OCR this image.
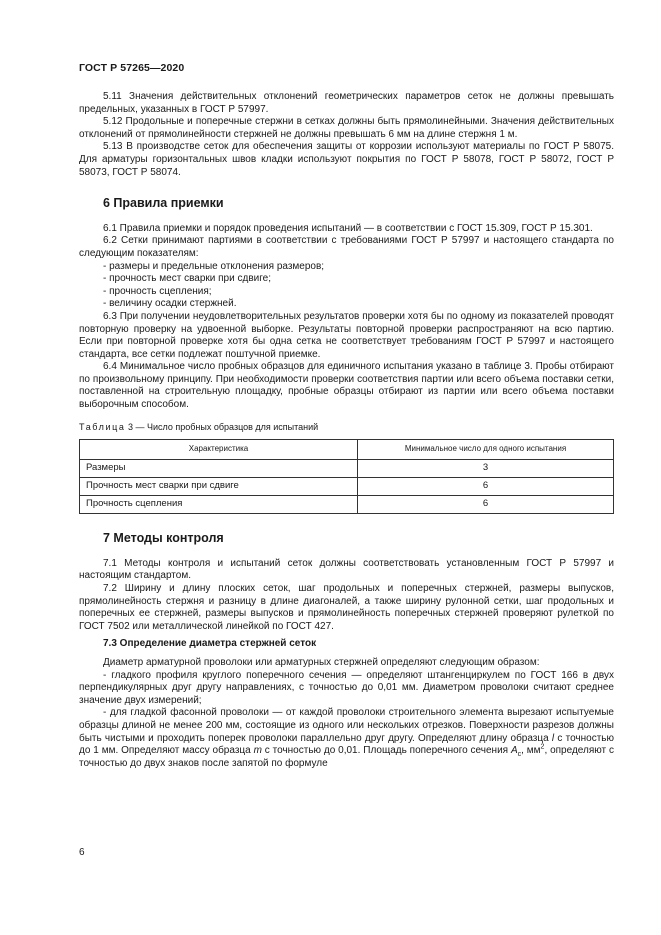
ГОСТ Р 57265—2020

5.11 Значения действительных отклонений геометрических параметров сеток не должны превышать предельных, указанных в ГОСТ Р 57997.

5.12 Продольные и поперечные стержни в сетках должны быть прямолинейными. Значения действительных отклонений от прямолинейности стержней не должны превышать 6 мм на длине стержня 1 м.

5.13 В производстве сеток для обеспечения защиты от коррозии используют материалы по ГОСТ Р 58075. Для арматуры горизонтальных швов кладки используют покрытия по ГОСТ Р 58078, ГОСТ Р 58072, ГОСТ Р 58073, ГОСТ Р 58074.

6 Правила приемки

6.1 Правила приемки и порядок проведения испытаний — в соответствии с ГОСТ 15.309, ГОСТ Р 15.301.

6.2 Сетки принимают партиями в соответствии с требованиями ГОСТ Р 57997 и настоящего стандарта по следующим показателям:

- размеры и предельные отклонения размеров;
- прочность мест сварки при сдвиге;
- прочность сцепления;
- величину осадки стержней.

6.3 При получении неудовлетворительных результатов проверки хотя бы по одному из показателей проводят повторную проверку на удвоенной выборке. Результаты повторной проверки распространяют на всю партию. Если при повторной проверке хотя бы одна сетка не соответствует требованиям ГОСТ Р 57997 и настоящего стандарта, все сетки подлежат поштучной приемке.

6.4 Минимальное число пробных образцов для единичного испытания указано в таблице 3. Пробы отбирают по произвольному принципу. При необходимости проверки соответствия партии или всего объема поставки сетки, поставленной на строительную площадку, пробные образцы отбирают из партии или всего объема поставки выборочным способом.

Таблица 3 — Число пробных образцов для испытаний
Характеристика	Минимальное число для одного испытания
Размеры	3
Прочность мест сварки при сдвиге	6
Прочность сцепления	6
7 Методы контроля

7.1 Методы контроля и испытаний сеток должны соответствовать установленным ГОСТ Р 57997 и настоящим стандартом.

7.2 Ширину и длину плоских сеток, шаг продольных и поперечных стержней, размеры выпусков, прямолинейность стержня и разницу в длине диагоналей, а также ширину рулонной сетки, шаг продольных и поперечных ее стержней, размеры выпусков и прямолинейность поперечных стержней проверяют рулеткой по ГОСТ 7502 или металлической линейкой по ГОСТ 427.

7.3 Определение диаметра стержней сеток

Диаметр арматурной проволоки или арматурных стержней определяют следующим образом:

- гладкого профиля круглого поперечного сечения — определяют штангенциркулем по ГОСТ 166 в двух перпендикулярных друг другу направлениях, с точностью до 0,01 мм. Диаметром проволоки считают среднее значение двух измерений;

- для гладкой фасонной проволоки — от каждой проволоки строительного элемента вырезают испытуемые образцы длиной не менее 200 мм, состоящие из одного или нескольких отрезков. Поверхности разрезов должны быть чистыми и проходить поперек проволоки параллельно друг другу. Определяют длину образца l с точностью до 1 мм. Определяют массу образца m с точностью до 0,01. Площадь поперечного сечения $A_c$, $мм^2$, определяют с точностью до двух знаков после запятой по формуле

6
